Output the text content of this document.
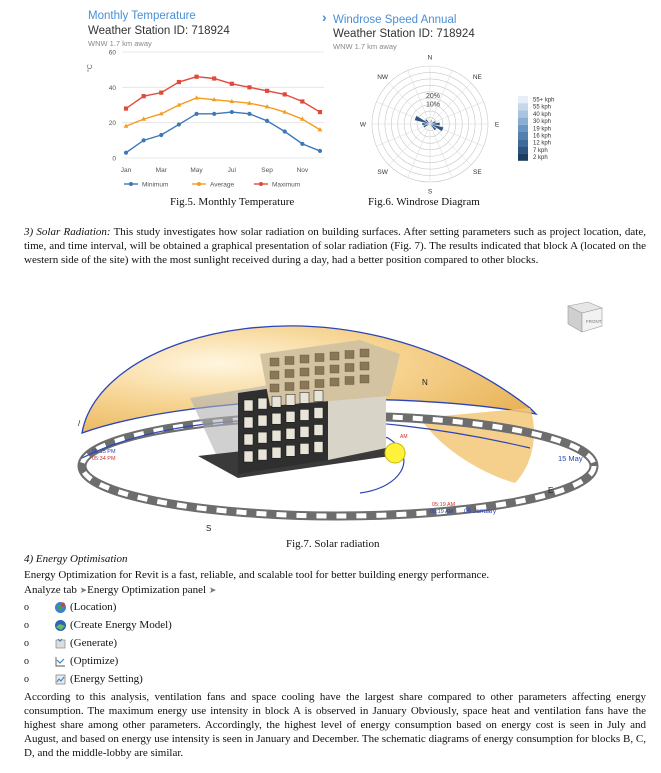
Monthly Temperature
Weather Station ID: 718924
WNW 1.7 km away
°C
0
20
40
60
Jan	Mar	May	Jul	Sep	Nov
Minimum	Average	Maximum
Fig.5. Monthly Temperature
› Windrose Speed Annual
Weather Station ID: 718924
WNW 1.7 km away
N
NE
E
SE
S
SW
W
NW
20%
10%
55+ kph
55 kph
40 kph
30 kph
19 kph
16 kph
12 kph
7 kph
2 kph
Fig.6. Windrose Diagram

3) Solar Radiation: This study investigates how solar radiation on building surfaces. After setting parameters such as project location, date, time, and time interval, will be obtained a graphical presentation of solar radiation (Fig. 7). The results indicated that block A (located on the western side of the site) with the most sunlight received during a day, had a better position compared to other blocks.

N
E
S
/
05:15 PM
05:34 PM	15 May
05:19 AM
05:19 AM 05 January
AM
FRONT
Fig.7. Solar radiation
4) Energy Optimisation
Energy Optimization for Revit is a fast, reliable, and scalable tool for better building energy performance.
Analyze tab ➤Energy Optimization panel ➤
o	(Location)
o	(Create Energy Model)
o	(Generate)
o	(Optimize)
o	(Energy Setting)

According to this analysis, ventilation fans and space cooling have the largest share compared to other parameters affecting energy consumption. The maximum energy use intensity in block A is observed in January Obviously, space heat and ventilation fans have the highest share among other parameters. Accordingly, the highest level of energy consumption based on energy cost is seen in July and August, and based on energy use intensity is seen in January and December. The schematic diagrams of energy consumption for blocks B, C, D, and the middle-lobby are similar.
